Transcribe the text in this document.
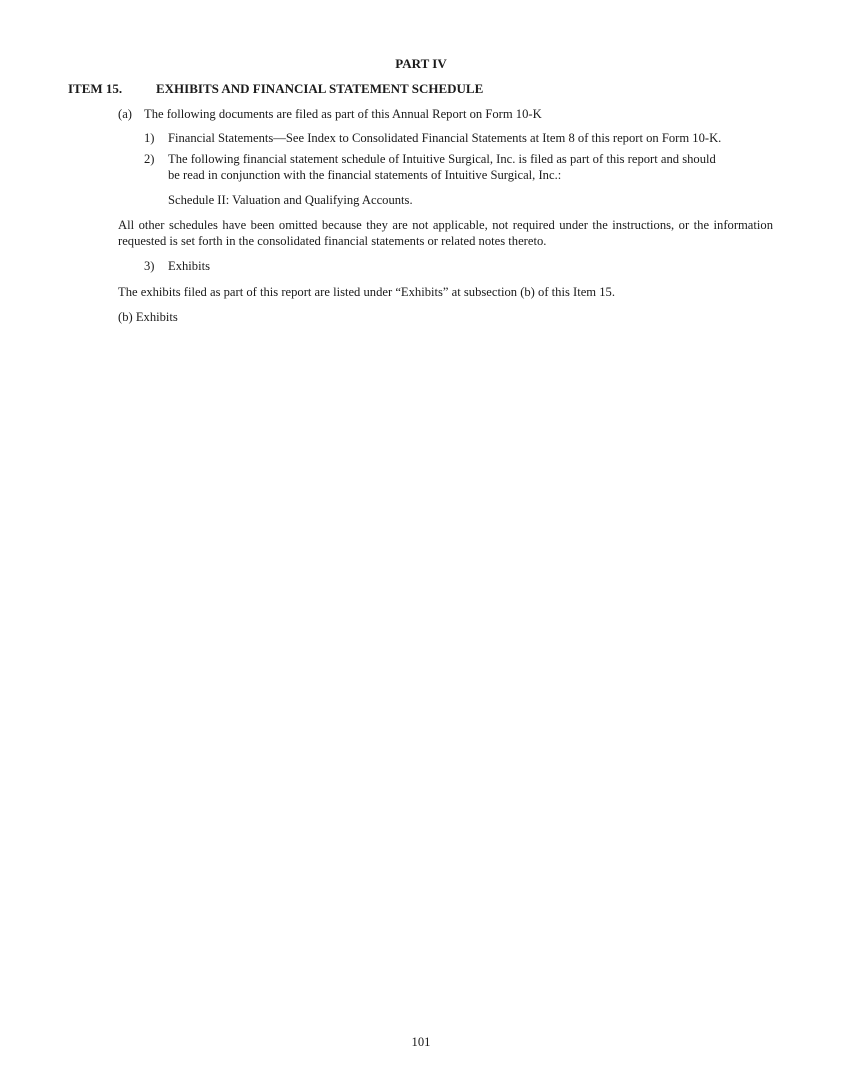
PART IV
ITEM 15.	EXHIBITS AND FINANCIAL STATEMENT SCHEDULE
(a) The following documents are filed as part of this Annual Report on Form 10-K
1) Financial Statements—See Index to Consolidated Financial Statements at Item 8 of this report on Form 10-K.
2) The following financial statement schedule of Intuitive Surgical, Inc. is filed as part of this report and should
be read in conjunction with the financial statements of Intuitive Surgical, Inc.:
Schedule II: Valuation and Qualifying Accounts.
All other schedules have been omitted because they are not applicable, not required under the instructions, or the information requested is set forth in the consolidated financial statements or related notes thereto.
3) Exhibits
The exhibits filed as part of this report are listed under “Exhibits” at subsection (b) of this Item 15.
(b) Exhibits
101
